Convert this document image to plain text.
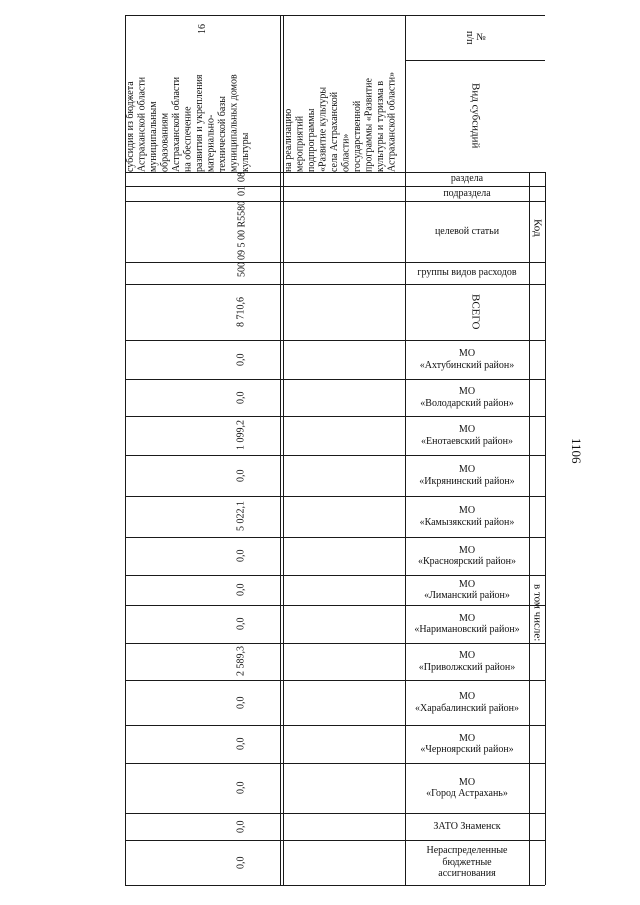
1106
№
п/п
Вид субсидий
Код
раздела
подраздела
целевой статьи
группы видов расходов
ВСЕГО
в том числе:
МО
«Ахтубинский район»
МО
«Володарский район»
МО
«Енотаевский район»
МО
«Икрянинский район»
МО
«Камызякский район»
МО
«Красноярский район»
МО
«Лиманский район»
МО
«Наримановский район»
МО
«Приволжский район»
МО
«Харабалинский район»
МО
«Черноярский район»
МО
«Город Астрахань»
ЗАТО Знаменск
Нераспределенные
бюджетные
ассигнования
на реализацию
мероприятий
подпрограммы
«Развитие культуры
села Астраханской
области»
государственной
программы «Развитие
культуры и туризма в
Астраханской области»
16
субсидия из бюджета
Астраханской области
муниципальным
образованиям
Астраханской области
на обеспечение
развития и укрепления
материально-
технической базы
муниципальных домов
культуры
08
01
09 5 00 R5580
500
8 710,6
0,0
0,0
1 099,2
0,0
5 022,1
0,0
0,0
0,0
2 589,3
0,0
0,0
0,0
0,0
0,0
